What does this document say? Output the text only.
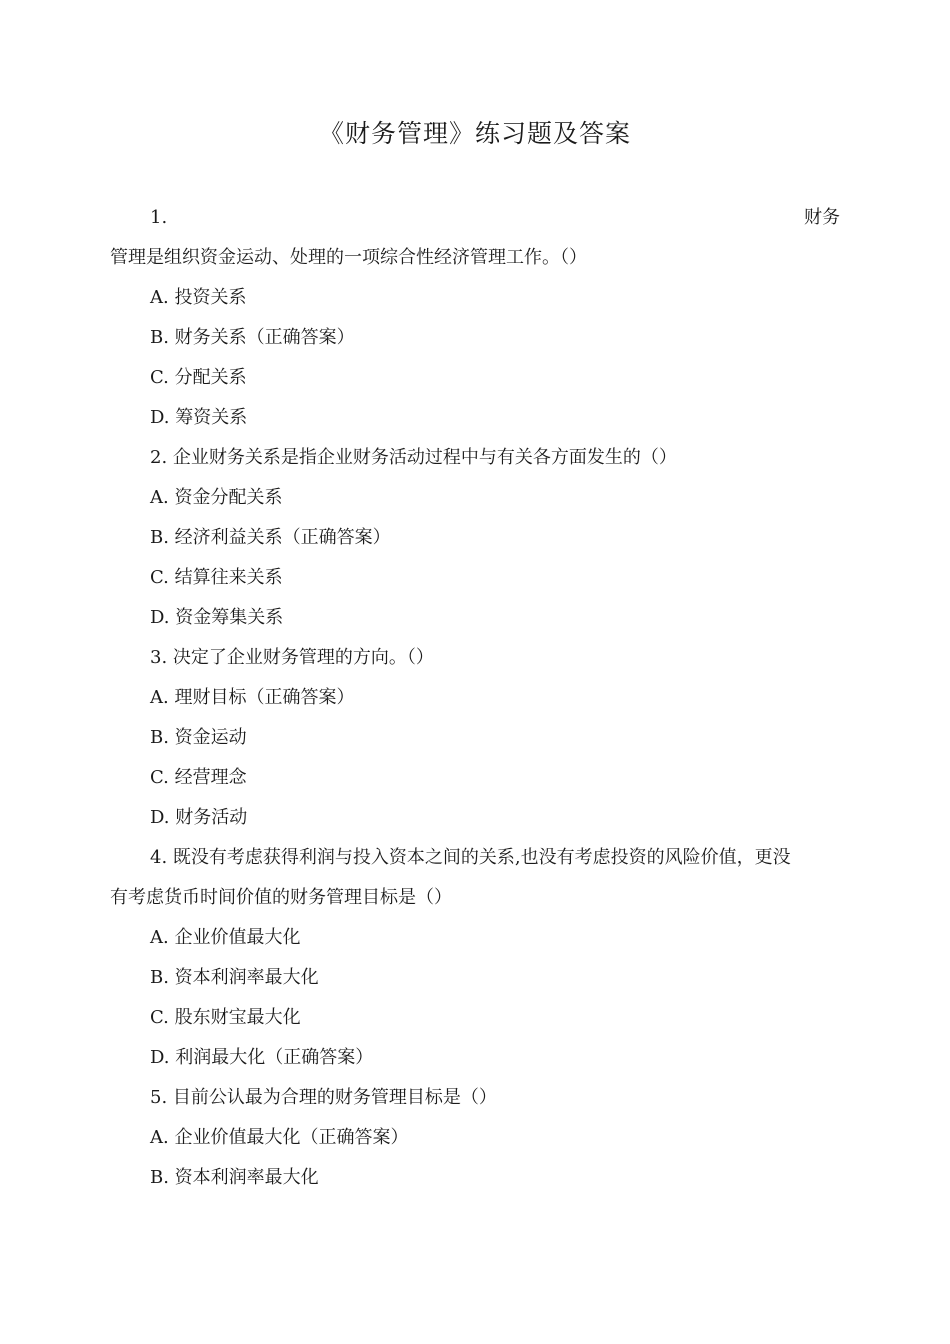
《财务管理》练习题及答案
1.	财务
管理是组织资金运动、处理的一项综合性经济管理工作。（）
A. 投资关系
B. 财务关系（正确答案）
C. 分配关系
D. 筹资关系
2. 企业财务关系是指企业财务活动过程中与有关各方面发生的（）
A. 资金分配关系
B. 经济利益关系（正确答案）
C. 结算往来关系
D. 资金筹集关系
3. 决定了企业财务管理的方向。（）
A. 理财目标（正确答案）
B. 资金运动
C. 经营理念
D. 财务活动
4. 既没有考虑获得利润与投入资本之间的关系,也没有考虑投资的风险价值，更没
有考虑货币时间价值的财务管理目标是（）
A. 企业价值最大化
B. 资本利润率最大化
C. 股东财宝最大化
D. 利润最大化（正确答案）
5. 目前公认最为合理的财务管理目标是（）
A. 企业价值最大化（正确答案）
B. 资本利润率最大化
